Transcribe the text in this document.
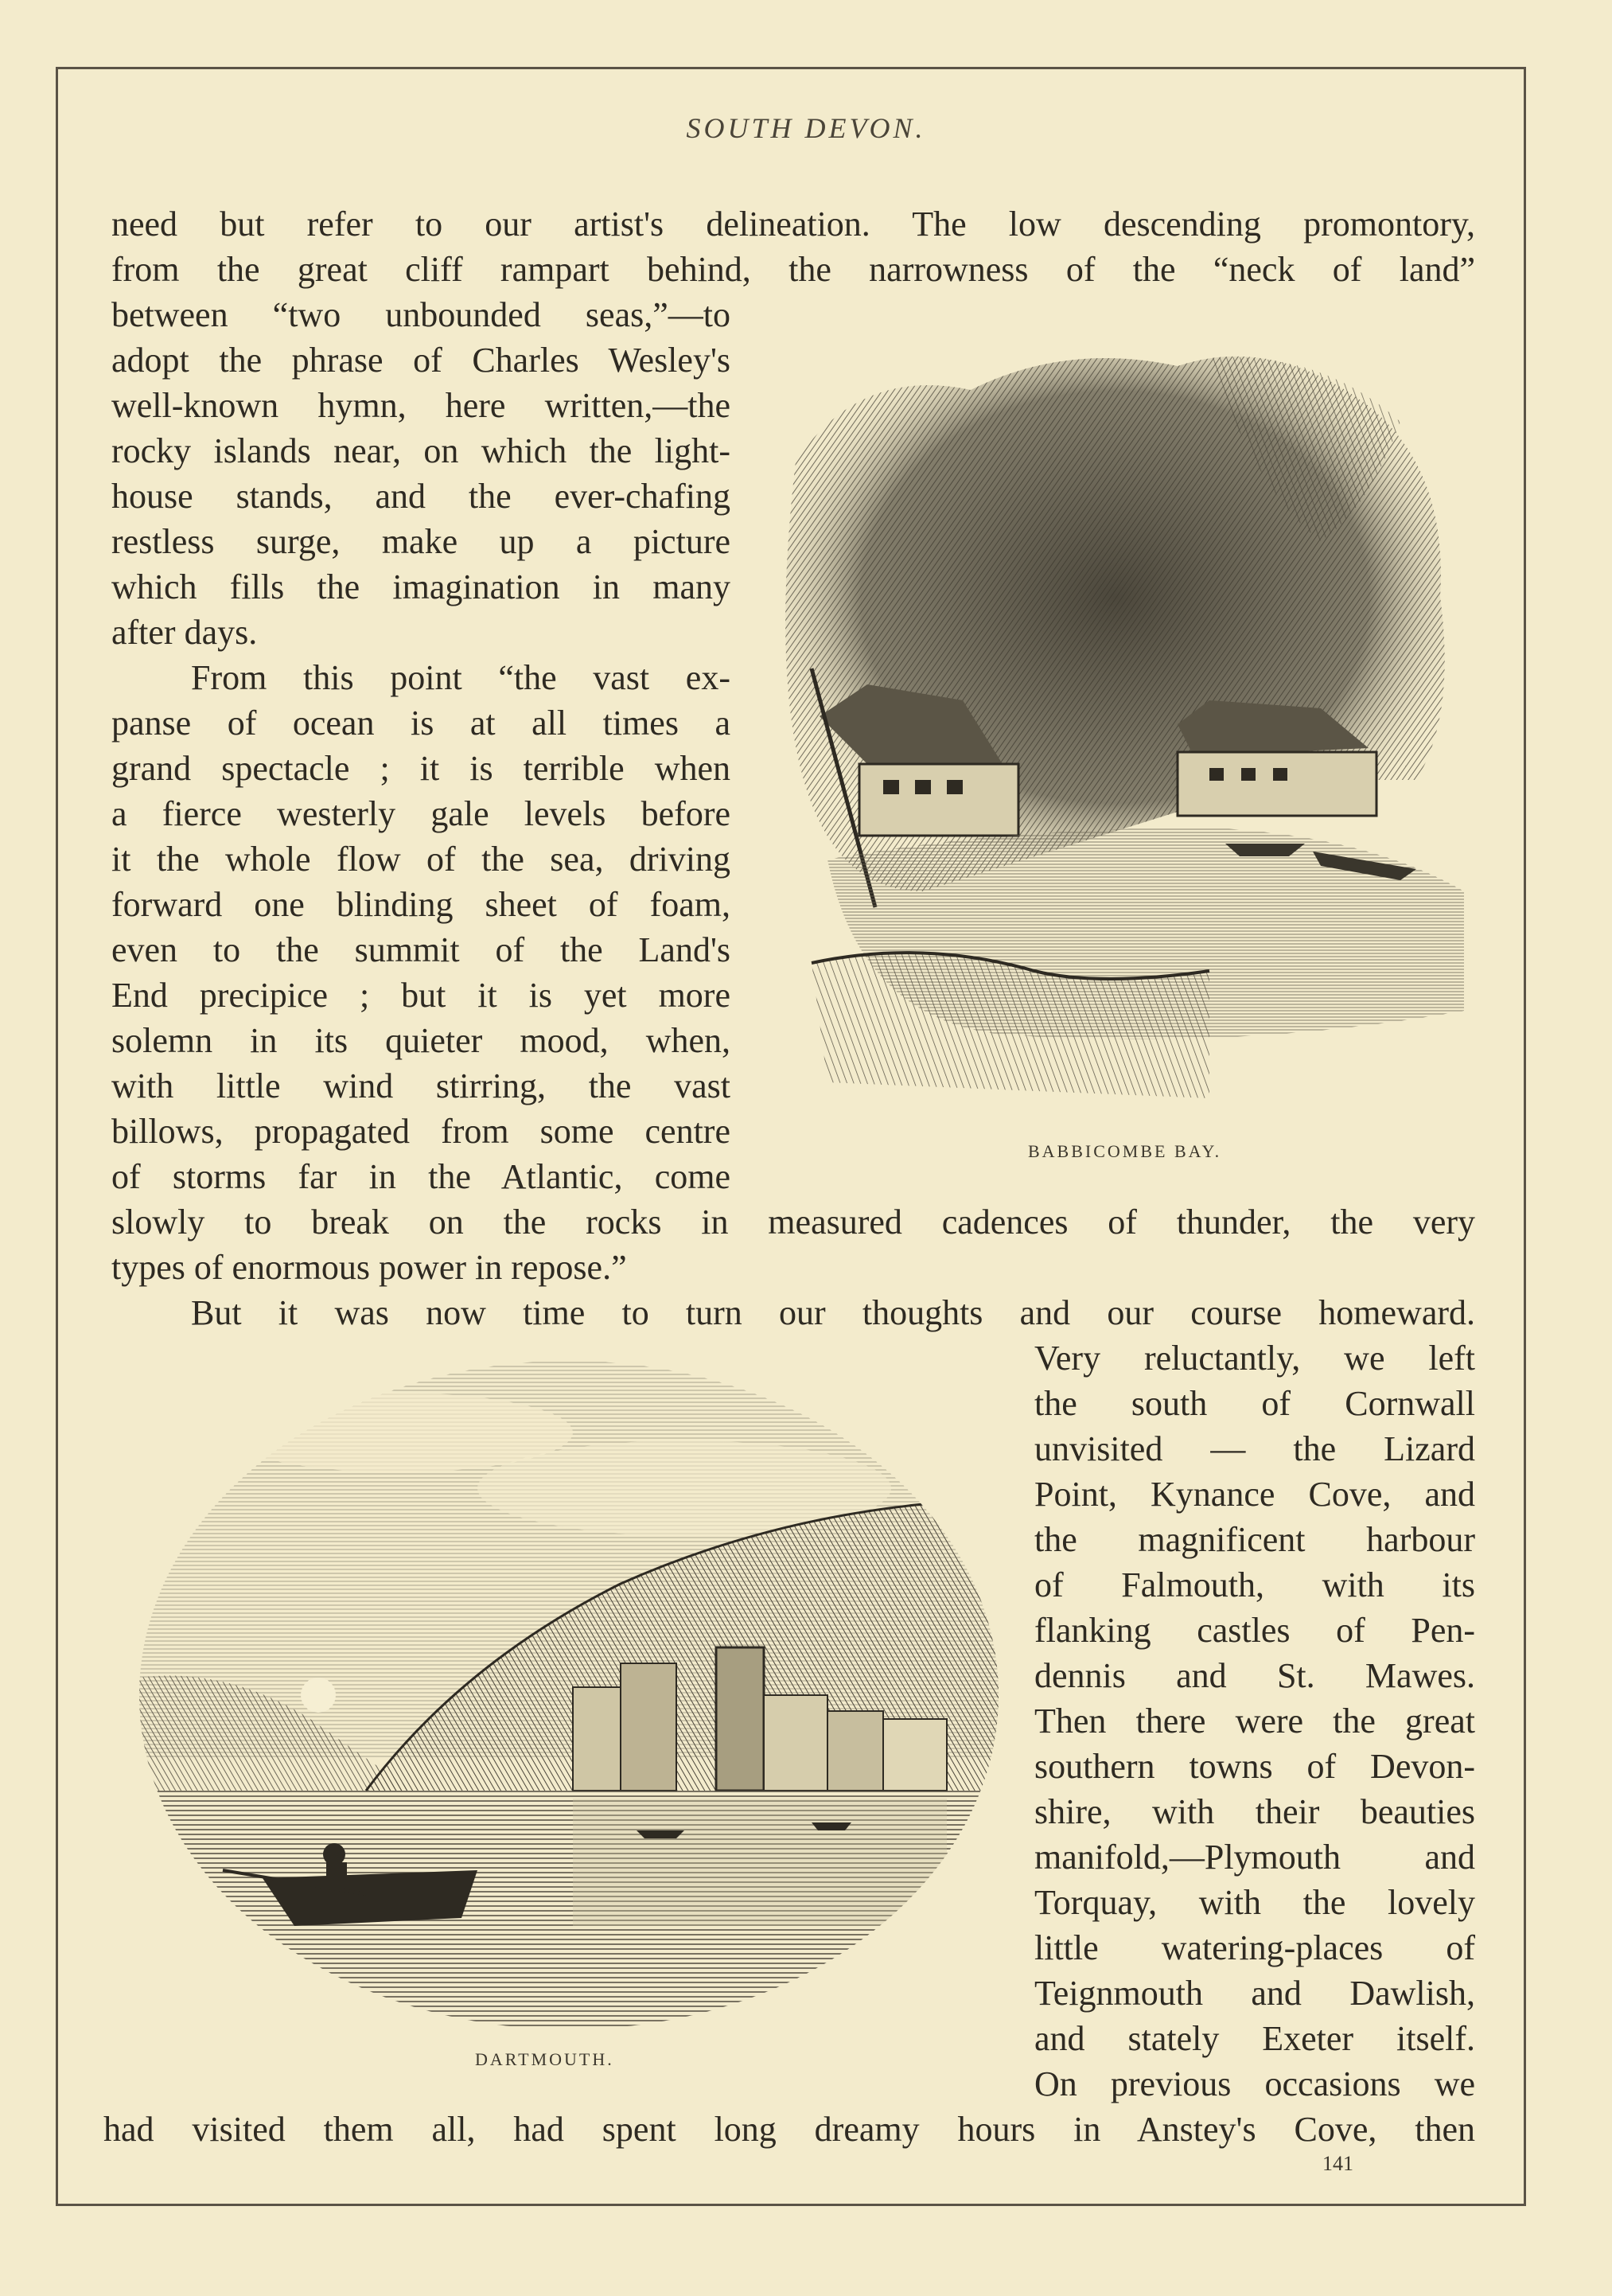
SOUTH DEVON.
need but refer to our artist's delineation. The low descending promontory,
from the great cliff rampart behind, the narrowness of the “neck of land”
between “two unbounded seas,”—to
adopt the phrase of Charles Wesley's
well-known hymn, here written,—the
rocky islands near, on which the light-
house stands, and the ever-chafing
restless surge, make up a picture
which fills the imagination in many
after days.
From this point “the vast ex-
panse of ocean is at all times a
grand spectacle ; it is terrible when
a fierce westerly gale levels before
it the whole flow of the sea, driving
forward one blinding sheet of foam,
even to the summit of the Land's
End precipice ; but it is yet more
solemn in its quieter mood, when,
with little wind stirring, the vast
billows, propagated from some centre
of storms far in the Atlantic, come
BABBICOMBE BAY.
slowly to break on the rocks in measured cadences of thunder, the very
types of enormous power in repose.”
But it was now time to turn our thoughts and our course homeward.
DARTMOUTH.
Very reluctantly, we left
the south of Cornwall
unvisited — the Lizard
Point, Kynance Cove, and
the magnificent harbour
of Falmouth, with its
flanking castles of Pen-
dennis and St. Mawes.
Then there were the great
southern towns of Devon-
shire, with their beauties
manifold,—Plymouth and
Torquay, with the lovely
little watering-places of
Teignmouth and Dawlish,
and stately Exeter itself.
On previous occasions we
had visited them all, had spent long dreamy hours in Anstey's Cove, then
141
